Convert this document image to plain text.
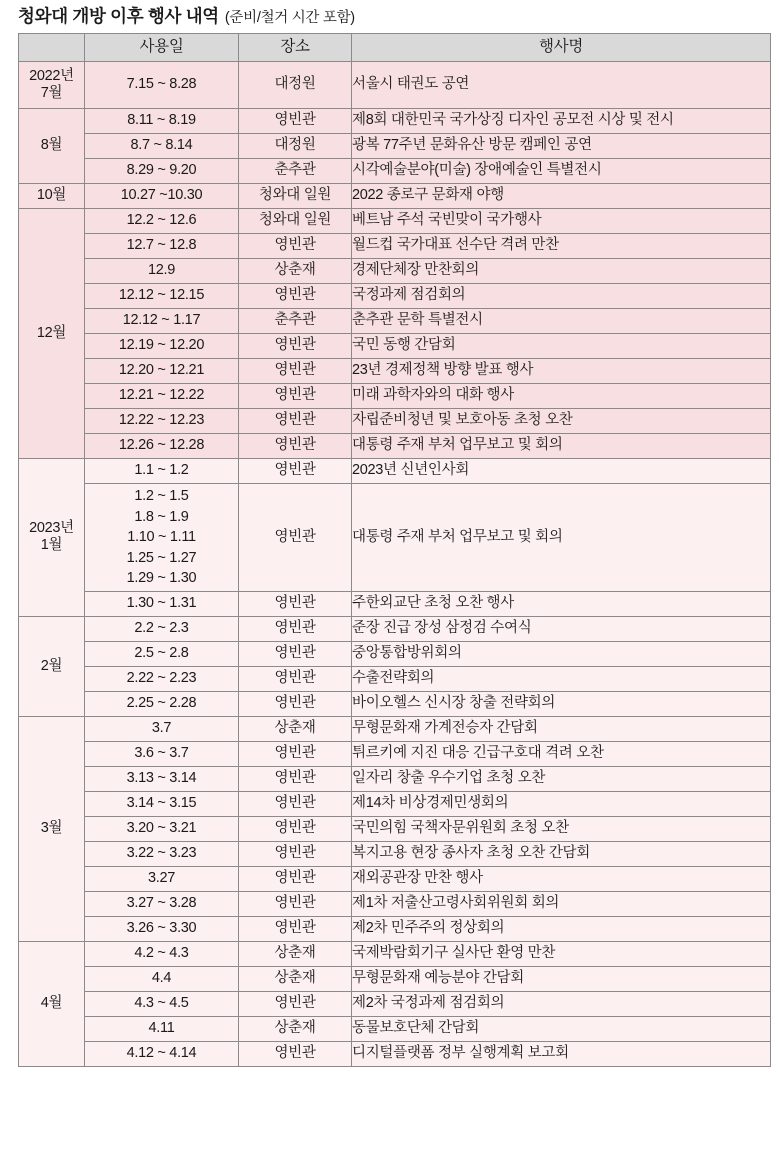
청와대 개방 이후 행사 내역 (준비/철거 시간 포함)
	사용일	장소	행사명
2022년
7월	7.15 ~ 8.28	대정원	서울시 태권도 공연
8월	8.11 ~ 8.19	영빈관	제8회 대한민국 국가상징 디자인 공모전 시상 및 전시
	8.7 ~ 8.14	대정원	광복 77주년 문화유산 방문 캠페인 공연
	8.29 ~ 9.20	춘추관	시각예술분야(미술) 장애예술인 특별전시
10월	10.27 ~10.30	청와대 일원	2022 종로구 문화재 야행
12월	12.2 ~ 12.6	청와대 일원	베트남 주석 국빈맞이 국가행사
	12.7 ~ 12.8	영빈관	월드컵 국가대표 선수단 격려 만찬
	12.9	상춘재	경제단체장 만찬회의
	12.12 ~ 12.15	영빈관	국정과제 점검회의
	12.12 ~ 1.17	춘추관	춘추관 문학 특별전시
	12.19 ~ 12.20	영빈관	국민 동행 간담회
	12.20 ~ 12.21	영빈관	23년 경제정책 방향 발표 행사
	12.21 ~ 12.22	영빈관	미래 과학자와의 대화 행사
	12.22 ~ 12.23	영빈관	자립준비청년 및 보호아동 초청 오찬
	12.26 ~ 12.28	영빈관	대통령 주재 부처 업무보고 및 회의
2023년
1월	1.1 ~ 1.2	영빈관	2023년 신년인사회

	1.2 ~ 1.5
1.8 ~ 1.9
1.10 ~ 1.11
1.25 ~ 1.27
1.29 ~ 1.30	영빈관	대통령 주재 부처 업무보고 및 회의
	1.30 ~ 1.31	영빈관	주한외교단 초청 오찬 행사
2월	2.2 ~ 2.3	영빈관	준장 진급 장성 삼정검 수여식
	2.5 ~ 2.8	영빈관	중앙통합방위회의
	2.22 ~ 2.23	영빈관	수출전략회의
	2.25 ~ 2.28	영빈관	바이오헬스 신시장 창출 전략회의
3월	3.7	상춘재	무형문화재 가계전승자 간담회
	3.6 ~ 3.7	영빈관	튀르키예 지진 대응 긴급구호대 격려 오찬
	3.13 ~ 3.14	영빈관	일자리 창출 우수기업 초청 오찬
	3.14 ~ 3.15	영빈관	제14차 비상경제민생회의
	3.20 ~ 3.21	영빈관	국민의힘 국책자문위원회 초청 오찬
	3.22 ~ 3.23	영빈관	복지고용 현장 종사자 초청 오찬 간담회
	3.27	영빈관	재외공관장 만찬 행사
	3.27 ~ 3.28	영빈관	제1차 저출산고령사회위원회 회의
	3.26 ~ 3.30	영빈관	제2차 민주주의 정상회의
4월	4.2 ~ 4.3	상춘재	국제박람회기구 실사단 환영 만찬
	4.4	상춘재	무형문화재 예능분야 간담회
	4.3 ~ 4.5	영빈관	제2차 국정과제 점검회의
	4.11	상춘재	동물보호단체 간담회
	4.12 ~ 4.14	영빈관	디지털플랫폼 정부 실행계획 보고회
